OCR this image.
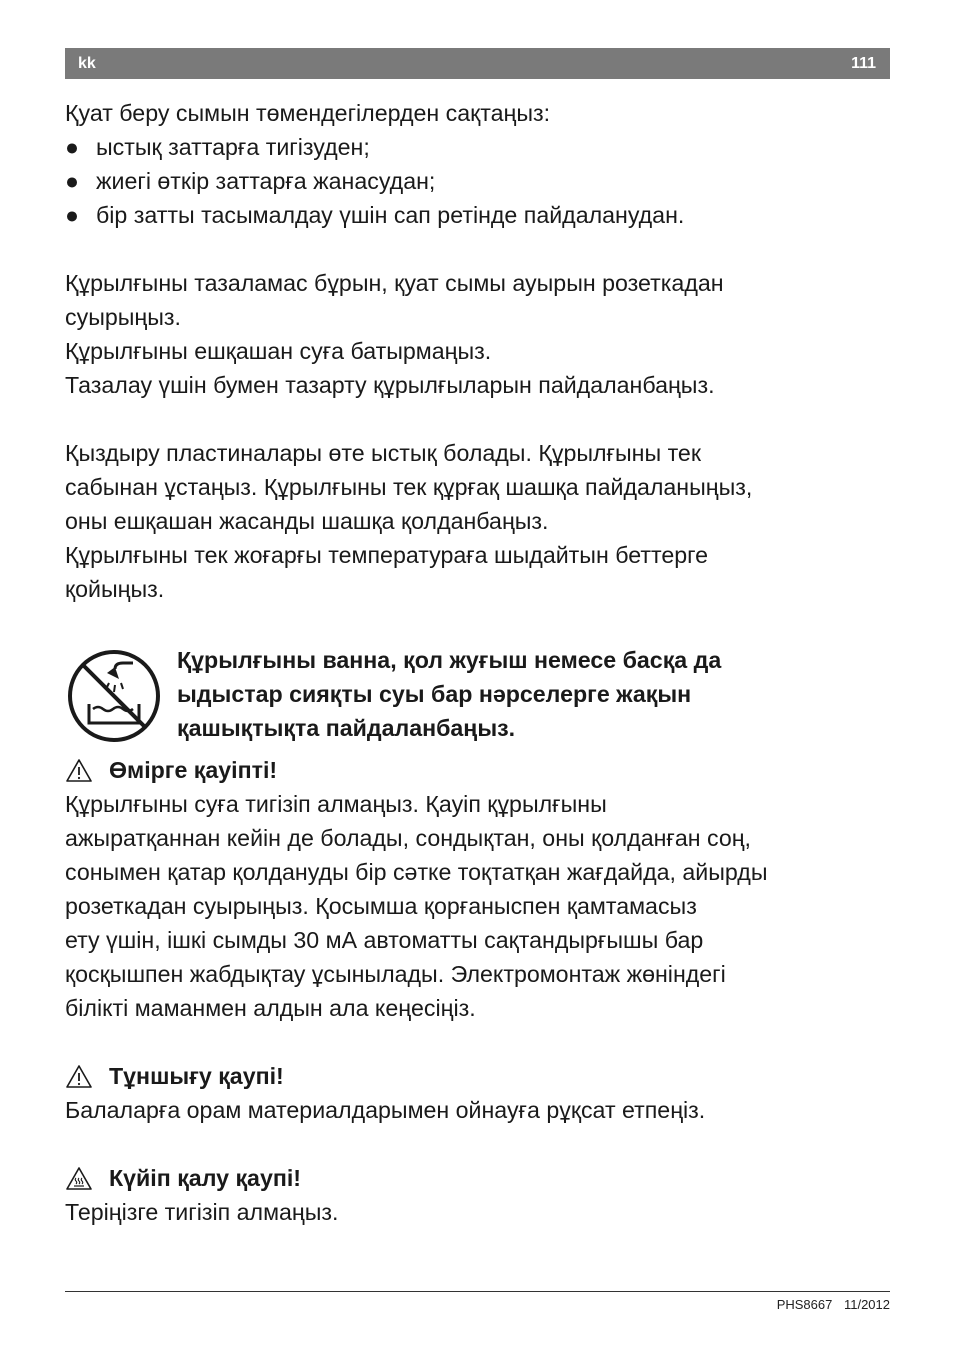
kk	111

Қуат беру сымын төмендегілерден сақтаңыз:

● ыстық заттарға тигізуден;
● жиегі өткір заттарға жанасудан;
● бір затты тасымалдау үшін сап ретінде пайдаланудан.

Құрылғыны тазаламас бұрын, қуат сымы ауырын розеткадан

суырыңыз.

Құрылғыны ешқашан суға батырмаңыз.

Тазалау үшін бумен тазарту құрылғыларын пайдаланбаңыз.

Қыздыру пластиналары өте ыстық болады. Құрылғыны тек

сабынан ұстаңыз. Құрылғыны тек құрғақ шашқа пайдаланыңыз,

оны ешқашан жасанды шашқа қолданбаңыз.

Құрылғыны тек жоғарғы температураға шыдайтын беттерге

қойыңыз.

Құрылғыны ванна, қол жуғыш немесе басқа да

ыдыстар сияқты суы бар нәрселерге жақын

қашықтықта пайдаланбаңыз.

Өмірге қауіпті!

Құрылғыны суға тигізіп алмаңыз. Қауіп құрылғыны

ажыратқаннан кейін де болады, сондықтан, оны қолданған соң,

сонымен қатар қолдануды бір сәтке тоқтатқан жағдайда, айырды

розеткадан суырыңыз. Қосымша қорғаныспен қамтамасыз

ету үшін, ішкі сымды 30 мА автоматты сақтандырғышы бар

қосқышпен жабдықтау ұсынылады. Электромонтаж жөніндегі

білікті маманмен алдын ала кеңесіңіз.

Тұншығу қаупі!

Балаларға орам материалдарымен ойнауға рұқсат етпеңіз.

Күйіп қалу қаупі!

Теріңізге тигізіп алмаңыз.

PHS8667 11/2012
